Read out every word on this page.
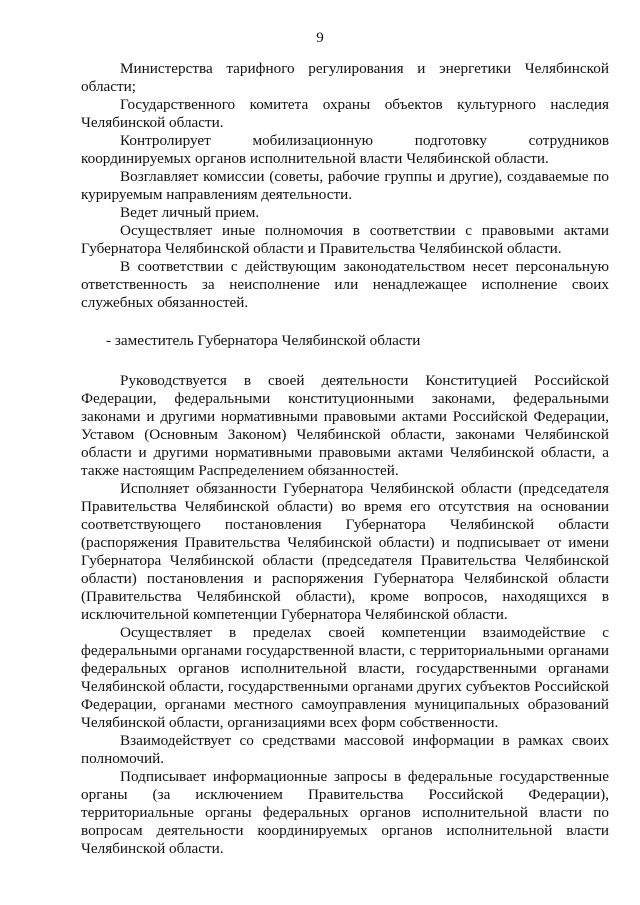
9

Министерства тарифного регулирования и энергетики Челябинской области;

Государственного комитета охраны объектов культурного наследия Челябинской области.

Контролирует мобилизационную подготовку сотрудников координируемых органов исполнительной власти Челябинской области.

Возглавляет комиссии (советы, рабочие группы и другие), создаваемые по курируемым направлениям деятельности.

Ведет личный прием.

Осуществляет иные полномочия в соответствии с правовыми актами Губернатора Челябинской области и Правительства Челябинской области.

В соответствии с действующим законодательством несет персональную ответственность за неисполнение или ненадлежащее исполнение своих служебных обязанностей.

- заместитель Губернатора Челябинской области

Руководствуется в своей деятельности Конституцией Российской Федерации, федеральными конституционными законами, федеральными законами и другими нормативными правовыми актами Российской Федерации, Уставом (Основным Законом) Челябинской области, законами Челябинской области и другими нормативными правовыми актами Челябинской области, а также настоящим Распределением обязанностей.

Исполняет обязанности Губернатора Челябинской области (председателя Правительства Челябинской области) во время его отсутствия на основании соответствующего постановления Губернатора Челябинской области (распоряжения Правительства Челябинской области) и подписывает от имени Губернатора Челябинской области (председателя Правительства Челябинской области) постановления и распоряжения Губернатора Челябинской области (Правительства Челябинской области), кроме вопросов, находящихся в исключительной компетенции Губернатора Челябинской области.

Осуществляет в пределах своей компетенции взаимодействие с федеральными органами государственной власти, с территориальными органами федеральных органов исполнительной власти, государственными органами Челябинской области, государственными органами других субъектов Российской Федерации, органами местного самоуправления муниципальных образований Челябинской области, организациями всех форм собственности.

Взаимодействует со средствами массовой информации в рамках своих полномочий.

Подписывает информационные запросы в федеральные государственные органы (за исключением Правительства Российской Федерации), территориальные органы федеральных органов исполнительной власти по вопросам деятельности координируемых органов исполнительной власти Челябинской области.
